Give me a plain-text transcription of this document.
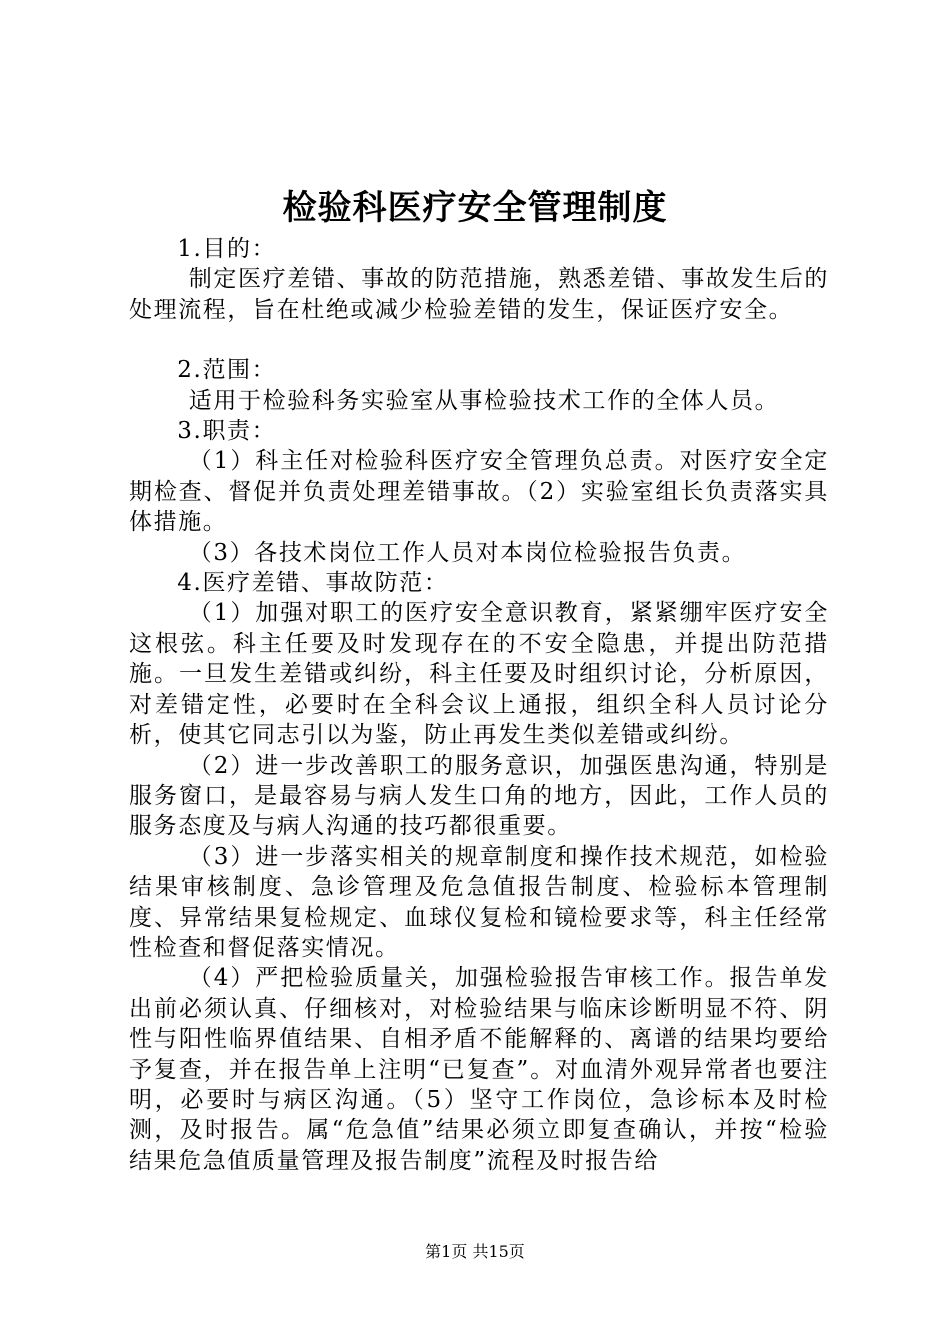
检验科医疗安全管理制度

1.目的：

制定医疗差错、事故的防范措施，熟悉差错、事故发生后的处理流程，旨在杜绝或减少检验差错的发生，保证医疗安全。

2.范围：

适用于检验科务实验室从事检验技术工作的全体人员。

3.职责：

（1）科主任对检验科医疗安全管理负总责。对医疗安全定期检查、督促并负责处理差错事故。（2）实验室组长负责落实具体措施。

（3）各技术岗位工作人员对本岗位检验报告负责。

4.医疗差错、事故防范：

（1）加强对职工的医疗安全意识教育，紧紧绷牢医疗安全这根弦。科主任要及时发现存在的不安全隐患，并提出防范措施。一旦发生差错或纠纷，科主任要及时组织讨论，分析原因，对差错定性，必要时在全科会议上通报，组织全科人员讨论分析，使其它同志引以为鉴，防止再发生类似差错或纠纷。

（2）进一步改善职工的服务意识，加强医患沟通，特别是服务窗口，是最容易与病人发生口角的地方，因此，工作人员的服务态度及与病人沟通的技巧都很重要。

（3）进一步落实相关的规章制度和操作技术规范，如检验结果审核制度、急诊管理及危急值报告制度、检验标本管理制度、异常结果复检规定、血球仪复检和镜检要求等，科主任经常性检查和督促落实情况。

（4）严把检验质量关，加强检验报告审核工作。报告单发出前必须认真、仔细核对，对检验结果与临床诊断明显不符、阴性与阳性临界值结果、自相矛盾不能解释的、离谱的结果均要给予复查，并在报告单上注明“已复查”。对血清外观异常者也要注明，必要时与病区沟通。（5）坚守工作岗位，急诊标本及时检测，及时报告。属“危急值”结果必须立即复查确认，并按“检验结果危急值质量管理及报告制度”流程及时报告给

第1页 共15页
